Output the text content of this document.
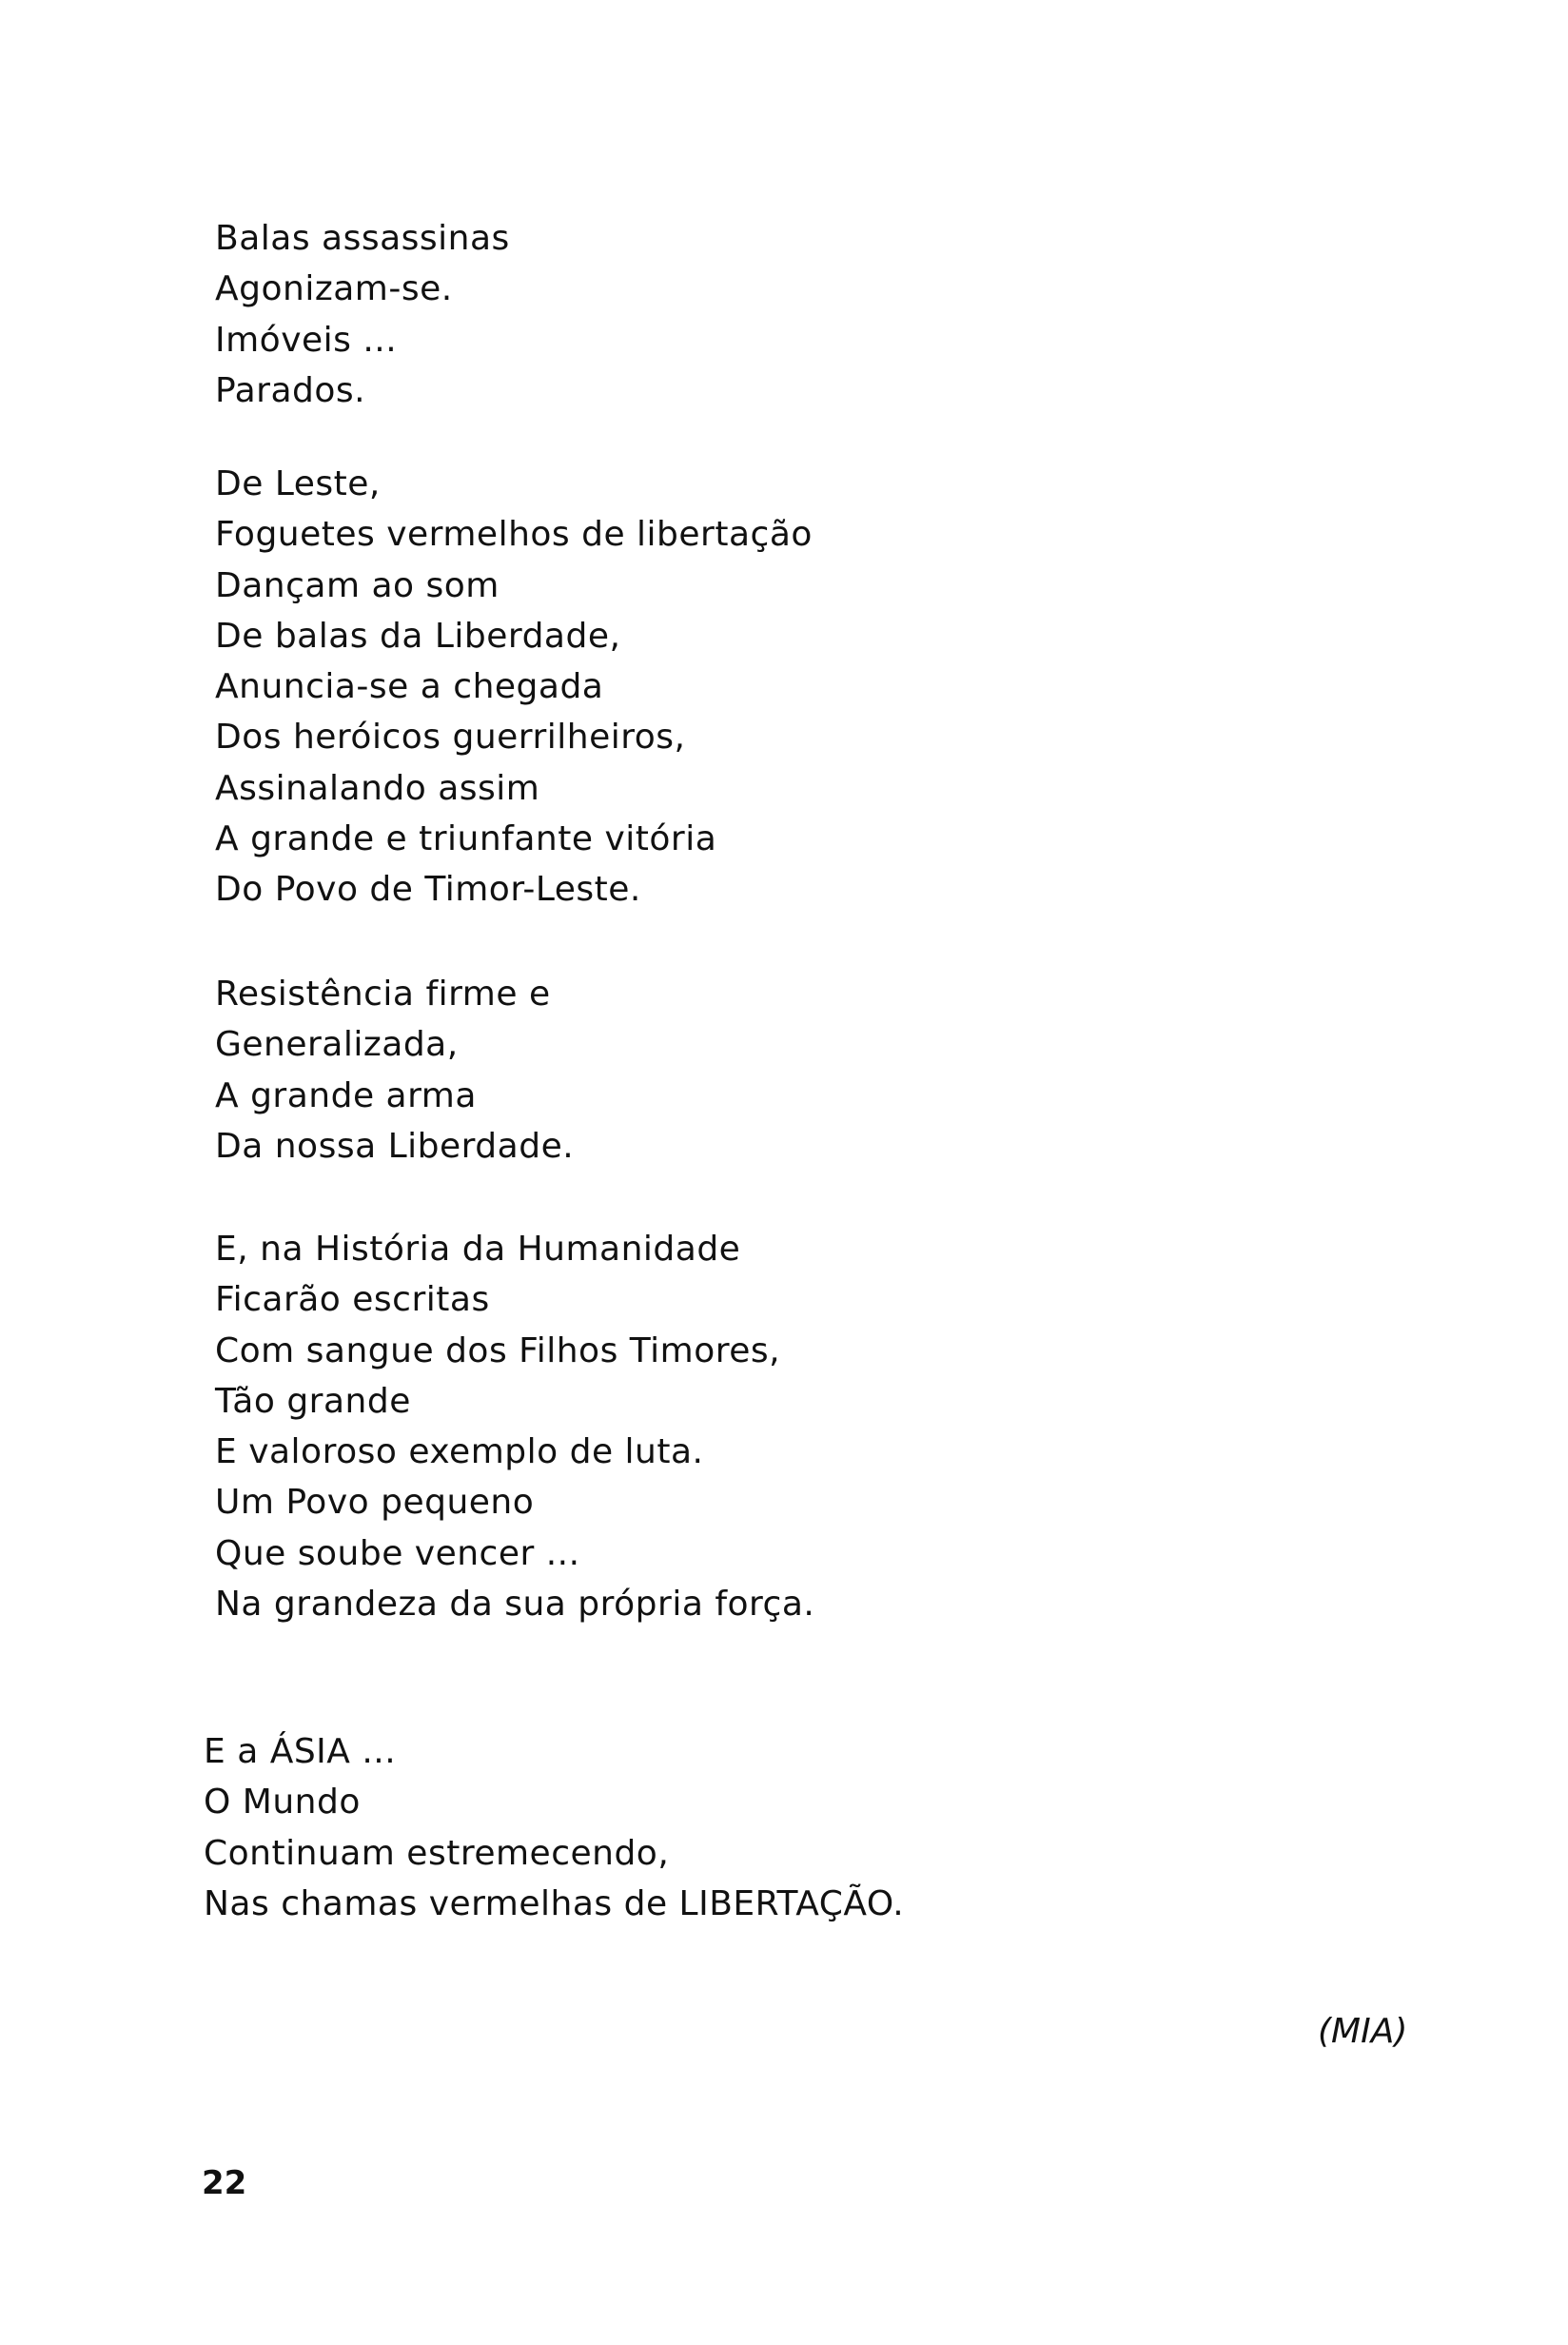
Balas assassinas
Agonizam-se.
Imóveis ...
Parados.
De Leste,
Foguetes vermelhos de libertação
Dançam ao som
De balas da Liberdade,
Anuncia-se a chegada
Dos heróicos guerrilheiros,
Assinalando assim
A grande e triunfante vitória
Do Povo de Timor-Leste.
Resistência firme e
Generalizada,
A grande arma
Da nossa Liberdade.
E, na História da Humanidade
Ficarão escritas
Com sangue dos Filhos Timores,
Tão grande
E valoroso exemplo de luta.
Um Povo pequeno
Que soube vencer ...
Na grandeza da sua própria força.
E a ÁSIA ...
O Mundo
Continuam estremecendo,
Nas chamas vermelhas de LIBERTAÇÃO.
(MIA)
22
